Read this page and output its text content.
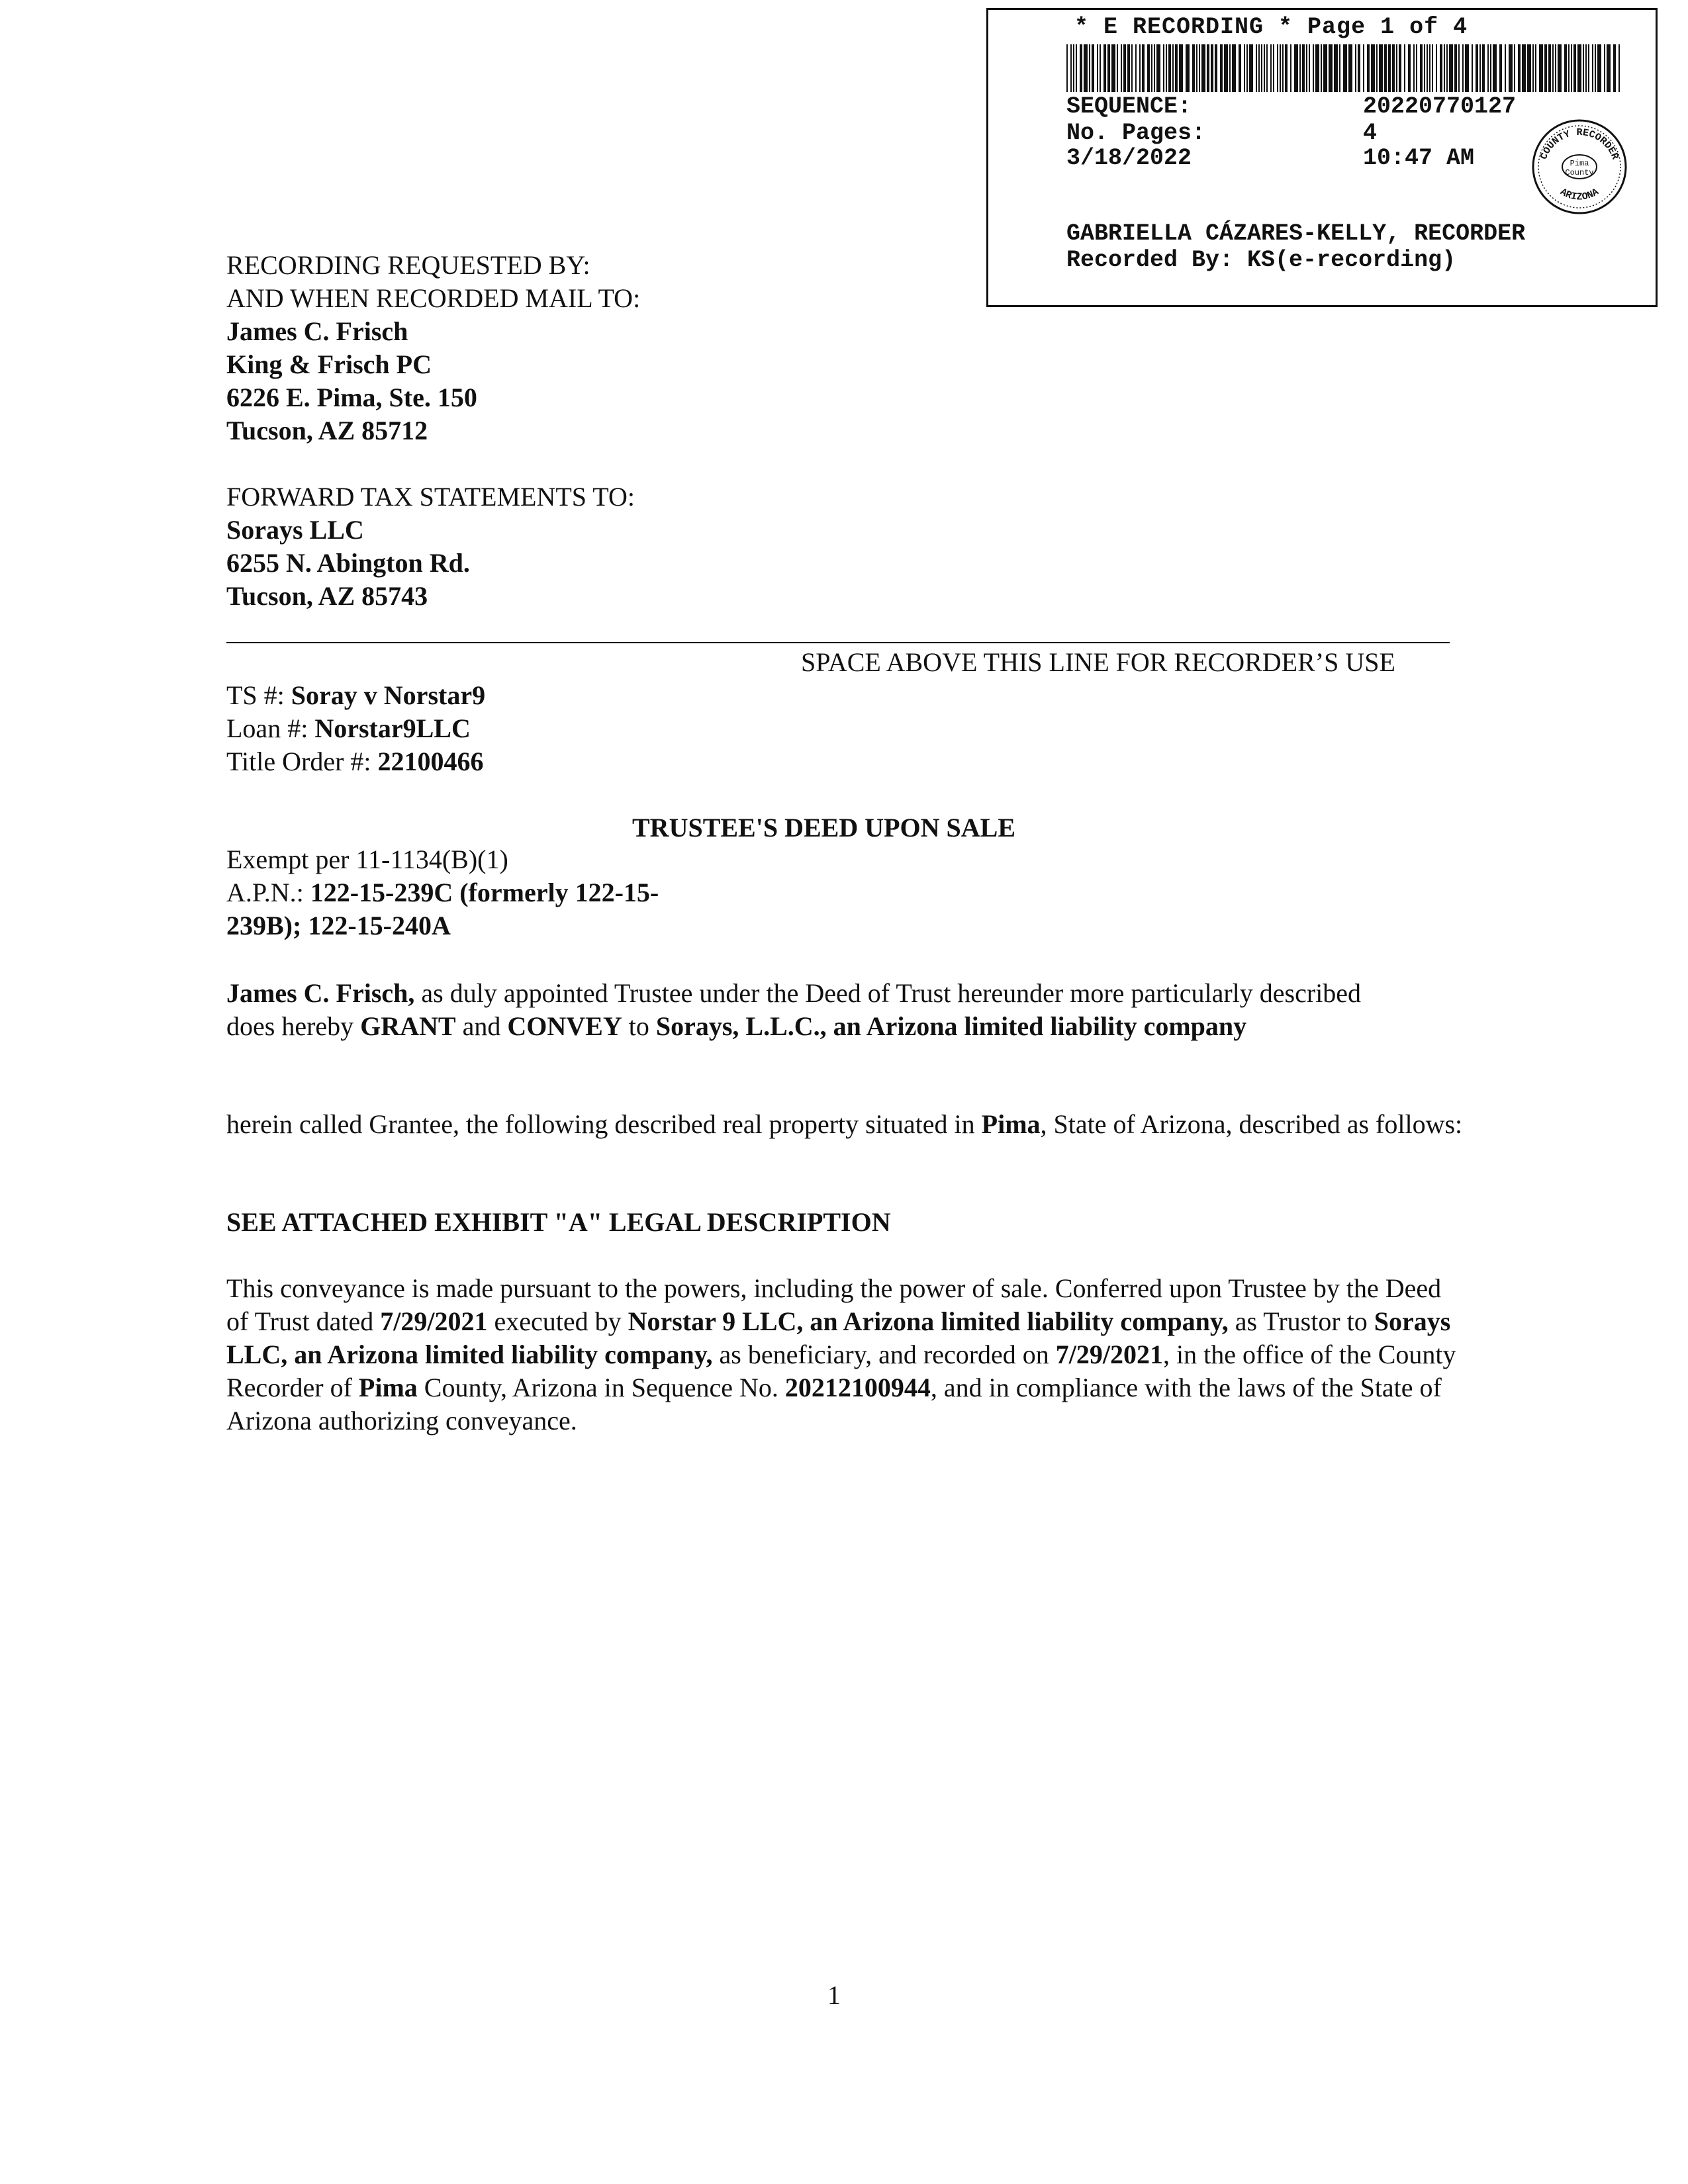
* E RECORDING * Page 1 of 4
SEQUENCE:	20220770127
No. Pages:	4
3/18/2022	10:47 AM	COUNTY RECORDER
ARIZONA
Pima
County
GABRIELLA CÁZARES-KELLY, RECORDER
Recorded By: KS(e-recording)
RECORDING REQUESTED BY:
AND WHEN RECORDED MAIL TO:
James C. Frisch
King & Frisch PC
6226 E. Pima, Ste. 150
Tucson, AZ 85712
FORWARD TAX STATEMENTS TO:
Sorays LLC
6255 N. Abington Rd.
Tucson, AZ 85743
SPACE ABOVE THIS LINE FOR RECORDER’S USE
TS #: Soray v Norstar9
Loan #: Norstar9LLC
Title Order #: 22100466
TRUSTEE'S DEED UPON SALE
Exempt per 11-1134(B)(1)
A.P.N.: 122-15-239C (formerly 122-15-
239B); 122-15-240A
James C. Frisch, as duly appointed Trustee under the Deed of Trust hereunder more particularly described does hereby GRANT and CONVEY to Sorays, L.L.C., an Arizona limited liability company
herein called Grantee, the following described real property situated in Pima, State of Arizona, described as follows:
SEE ATTACHED EXHIBIT "A" LEGAL DESCRIPTION
This conveyance is made pursuant to the powers, including the power of sale. Conferred upon Trustee by the Deed of Trust dated 7/29/2021 executed by Norstar 9 LLC, an Arizona limited liability company, as Trustor to Sorays LLC, an Arizona limited liability company, as beneficiary, and recorded on 7/29/2021, in the office of the County Recorder of Pima County, Arizona in Sequence No. 20212100944, and in compliance with the laws of the State of Arizona authorizing conveyance.
1
